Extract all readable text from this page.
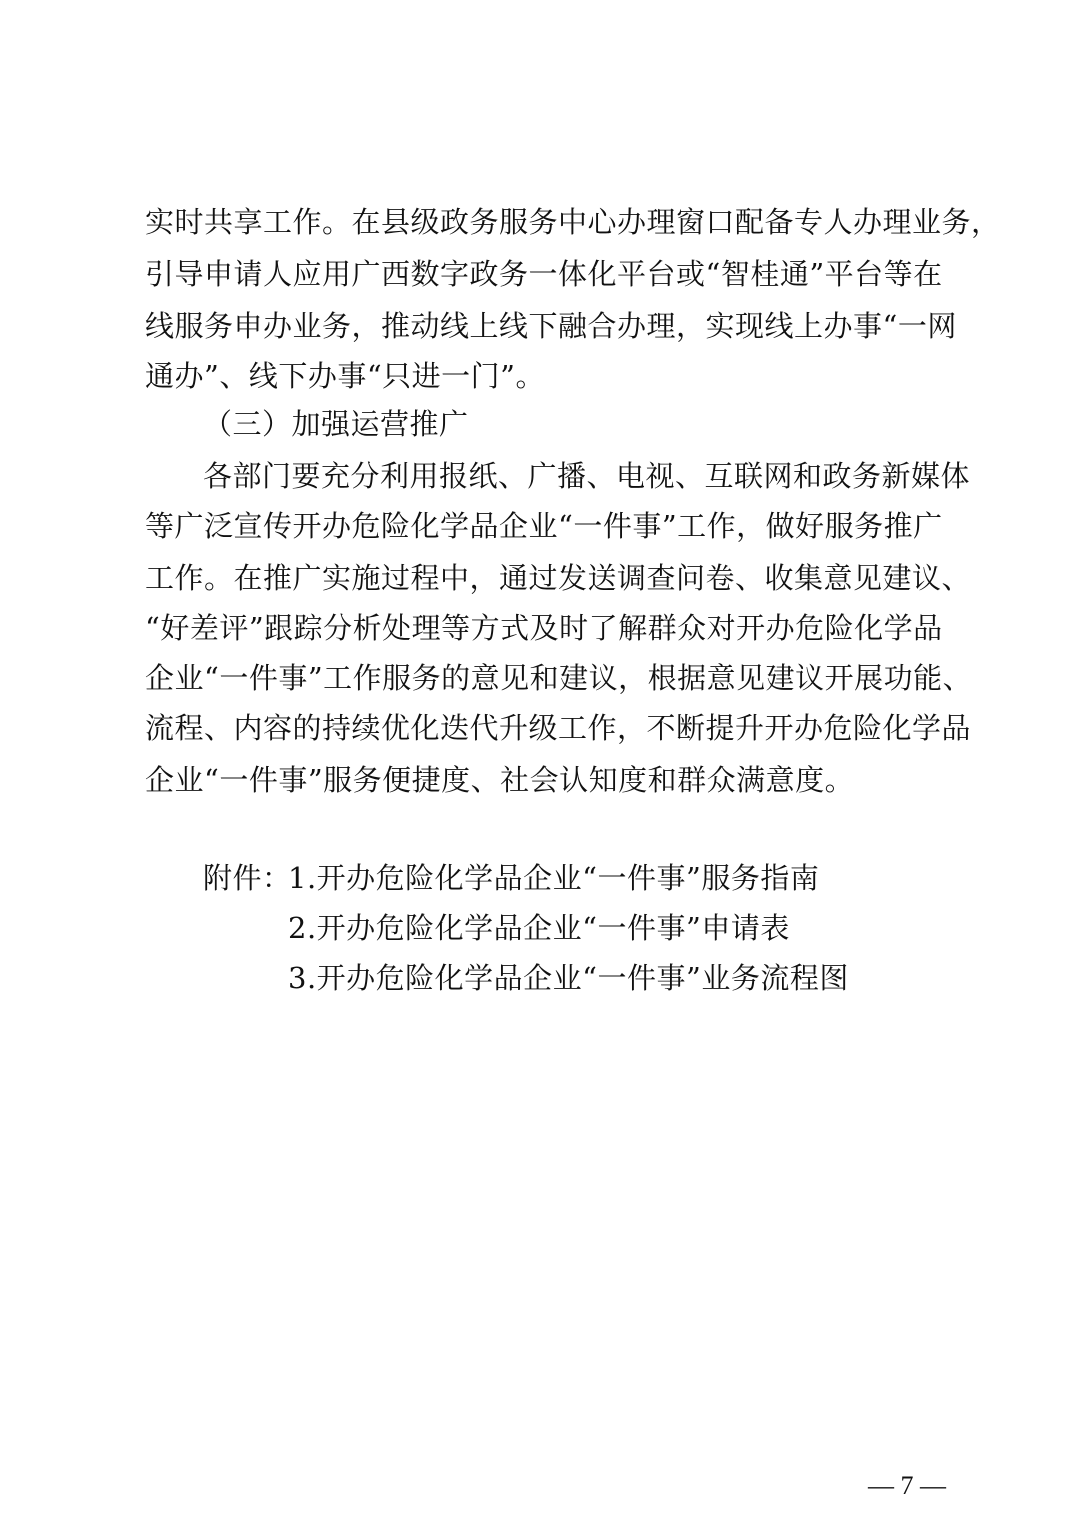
实时共享工作。在县级政务服务中心办理窗口配备专人办理业务，
引导申请人应用广西数字政务一体化平台或“智桂通”平台等在
线服务申办业务，推动线上线下融合办理，实现线上办事“一网
通办”、线下办事“只进一门”。
（三）加强运营推广
各部门要充分利用报纸、广播、电视、互联网和政务新媒体
等广泛宣传开办危险化学品企业“一件事”工作，做好服务推广
工作。在推广实施过程中，通过发送调查问卷、收集意见建议、
“好差评”跟踪分析处理等方式及时了解群众对开办危险化学品
企业“一件事”工作服务的意见和建议，根据意见建议开展功能、
流程、内容的持续优化迭代升级工作，不断提升开办危险化学品
企业“一件事”服务便捷度、社会认知度和群众满意度。
附件：
1.开办危险化学品企业“一件事”服务指南
2.开办危险化学品企业“一件事”申请表
3.开办危险化学品企业“一件事”业务流程图
— 7 —
